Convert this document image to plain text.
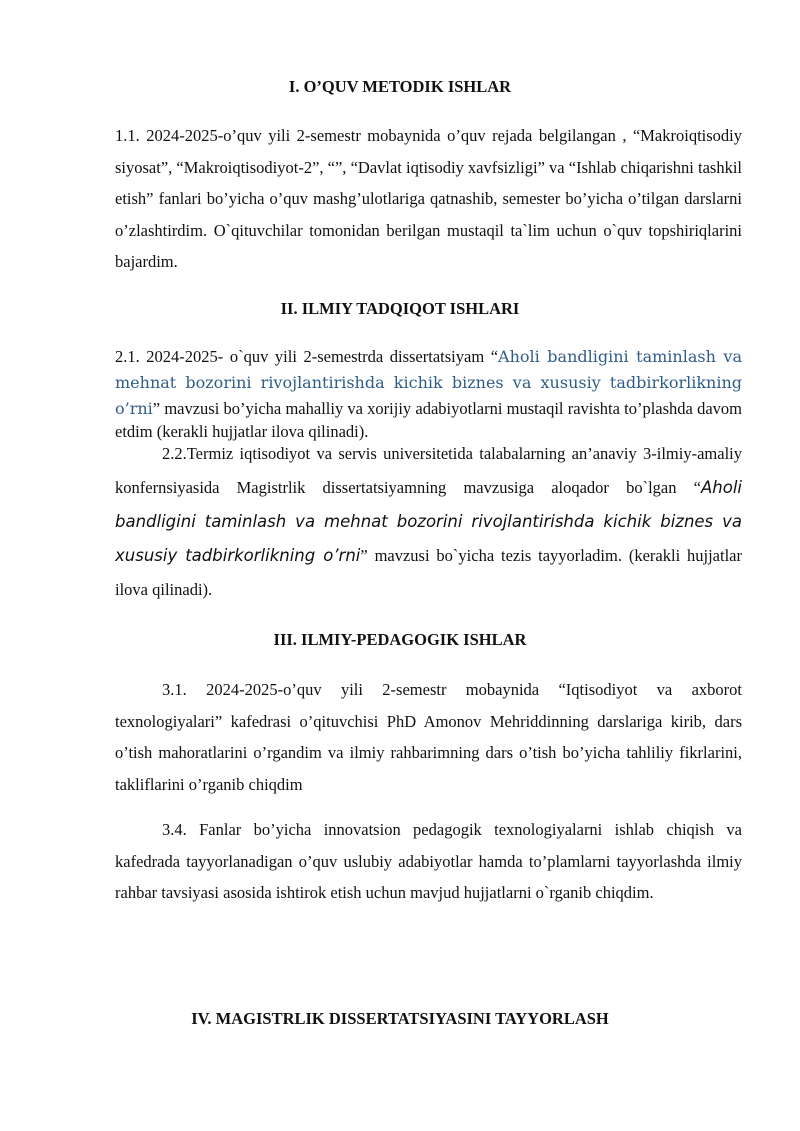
I. O’QUV METODIK ISHLAR

1.1. 2024-2025-o’quv yili 2-semestr mobaynida o’quv rejada belgilangan , “Makroiqtisodiy siyosat”, “Makroiqtisodiyot-2”, “”, “Davlat iqtisodiy xavfsizligi” va “Ishlab chiqarishni tashkil etish” fanlari bo’yicha o’quv mashg’ulotlariga qatnashib, semester bo’yicha o’tilgan darslarni o’zlashtirdim. O`qituvchilar tomonidan berilgan mustaqil ta`lim uchun o`quv topshiriqlarini bajardim.

II. ILMIY TADQIQOT ISHLARI

2.1. 2024-2025- o`quv yili 2-semestrda dissertatsiyam “Aholi bandligini taminlash va mehnat bozorini rivojlantirishda kichik biznes va xususiy tadbirkorlikning o’rni” mavzusi bo’yicha mahalliy va xorijiy adabiyotlarni mustaqil ravishta to’plashda davom etdim (kerakli hujjatlar ilova qilinadi).

2.2.Termiz iqtisodiyot va servis universitetida talabalarning an’anaviy 3-ilmiy-amaliy konfernsiyasida Magistrlik dissertatsiyamning mavzusiga aloqador bo`lgan “Aholi bandligini taminlash va mehnat bozorini rivojlantirishda kichik biznes va xususiy tadbirkorlikning o’rni” mavzusi bo`yicha tezis tayyorladim. (kerakli hujjatlar ilova qilinadi).

III. ILMIY-PEDAGOGIK ISHLAR

3.1. 2024-2025-o’quv yili 2-semestr mobaynida “Iqtisodiyot va axborot texnologiyalari” kafedrasi o’qituvchisi PhD Amonov Mehriddinning darslariga kirib, dars o’tish mahoratlarini o’rgandim va ilmiy rahbarimning dars o’tish bo’yicha tahliliy fikrlarini, takliflarini o’rganib chiqdim

3.4. Fanlar bo’yicha innovatsion pedagogik texnologiyalarni ishlab chiqish va kafedrada tayyorlanadigan o’quv uslubiy adabiyotlar hamda to’plamlarni tayyorlashda ilmiy rahbar tavsiyasi asosida ishtirok etish uchun mavjud hujjatlarni o`rganib chiqdim.

IV. MAGISTRLIK DISSERTATSIYASINI TAYYORLASH
